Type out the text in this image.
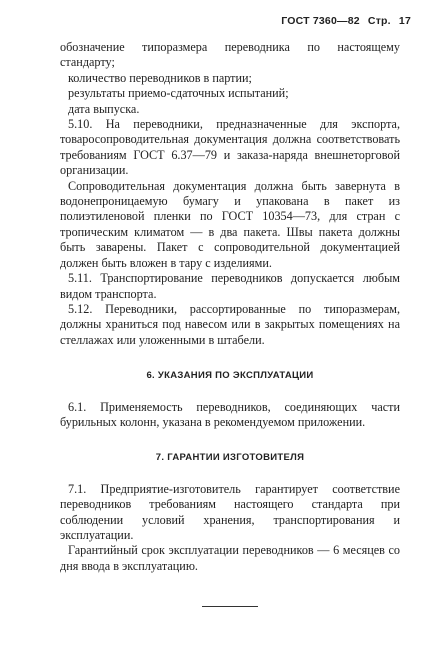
ГОСТ 7360—82 Стр. 17

обозначение типоразмера переводника по настоящему стандарту;

количество переводников в партии;

результаты приемо-сдаточных испытаний;

дата выпуска.

5.10. На переводники, предназначенные для экспорта, товаросопроводительная документация должна соответствовать требованиям ГОСТ 6.37—79 и заказа-наряда внешнеторговой организации.

Сопроводительная документация должна быть завернута в водонепроницаемую бумагу и упакована в пакет из полиэтиленовой пленки по ГОСТ 10354—73, для стран с тропическим климатом — в два пакета. Швы пакета должны быть заварены. Пакет с сопроводительной документацией должен быть вложен в тару с изделиями.

5.11. Транспортирование переводников допускается любым видом транспорта.

5.12. Переводники, рассортированные по типоразмерам, должны храниться под навесом или в закрытых помещениях на стеллажах или уложенными в штабели.

6. УКАЗАНИЯ ПО ЭКСПЛУАТАЦИИ

6.1. Применяемость переводников, соединяющих части бурильных колонн, указана в рекомендуемом приложении.

7. ГАРАНТИИ ИЗГОТОВИТЕЛЯ

7.1. Предприятие-изготовитель гарантирует соответствие переводников требованиям настоящего стандарта при соблюдении условий хранения, транспортирования и эксплуатации.

Гарантийный срок эксплуатации переводников — 6 месяцев со дня ввода в эксплуатацию.
